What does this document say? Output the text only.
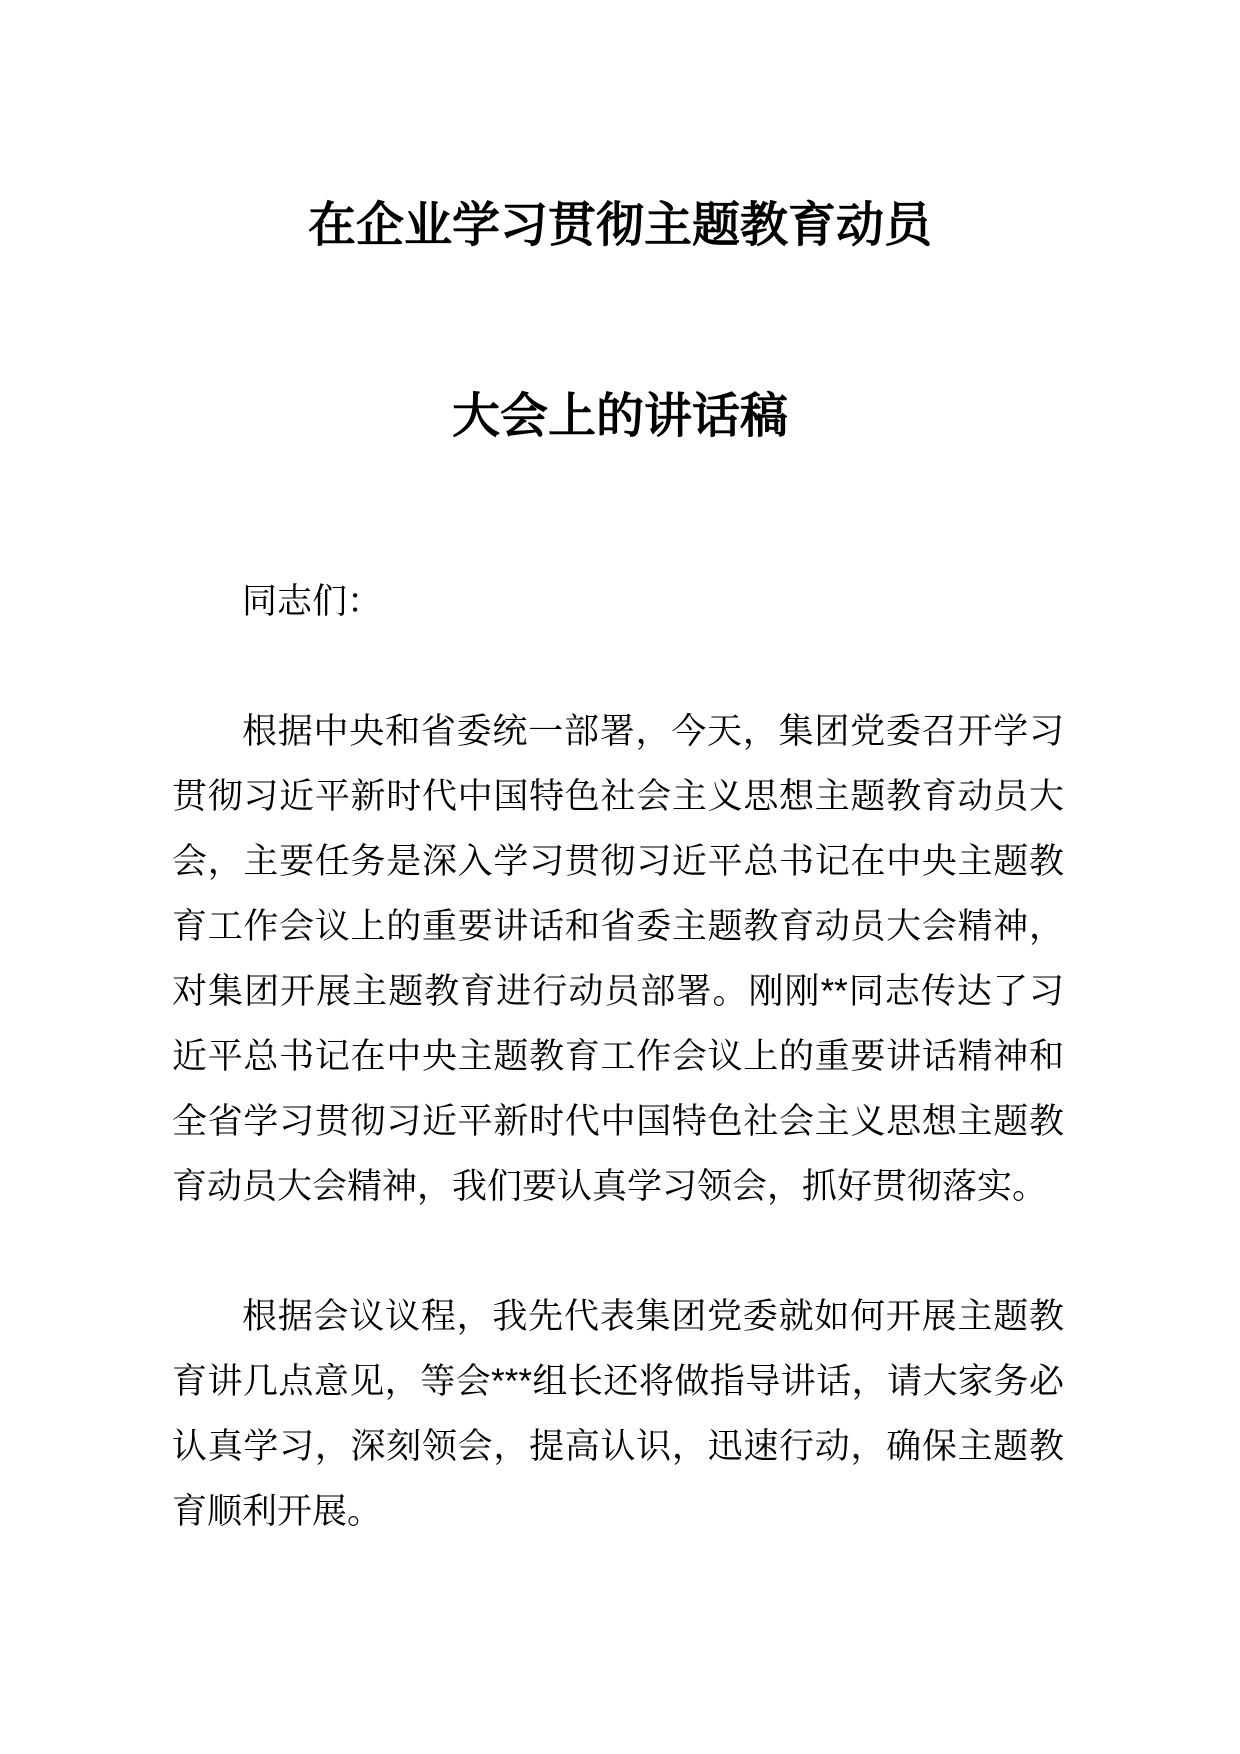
在企业学习贯彻主题教育动员
大会上的讲话稿

同志们：

根据中央和省委统一部署，今天，集团党委召开学习贯彻习近平新时代中国特色社会主义思想主题教育动员大会，主要任务是深入学习贯彻习近平总书记在中央主题教育工作会议上的重要讲话和省委主题教育动员大会精神，对集团开展主题教育进行动员部署。刚刚**同志传达了习近平总书记在中央主题教育工作会议上的重要讲话精神和全省学习贯彻习近平新时代中国特色社会主义思想主题教育动员大会精神，我们要认真学习领会，抓好贯彻落实。

根据会议议程，我先代表集团党委就如何开展主题教育讲几点意见，等会***组长还将做指导讲话，请大家务必认真学习，深刻领会，提高认识，迅速行动，确保主题教育顺利开展。
